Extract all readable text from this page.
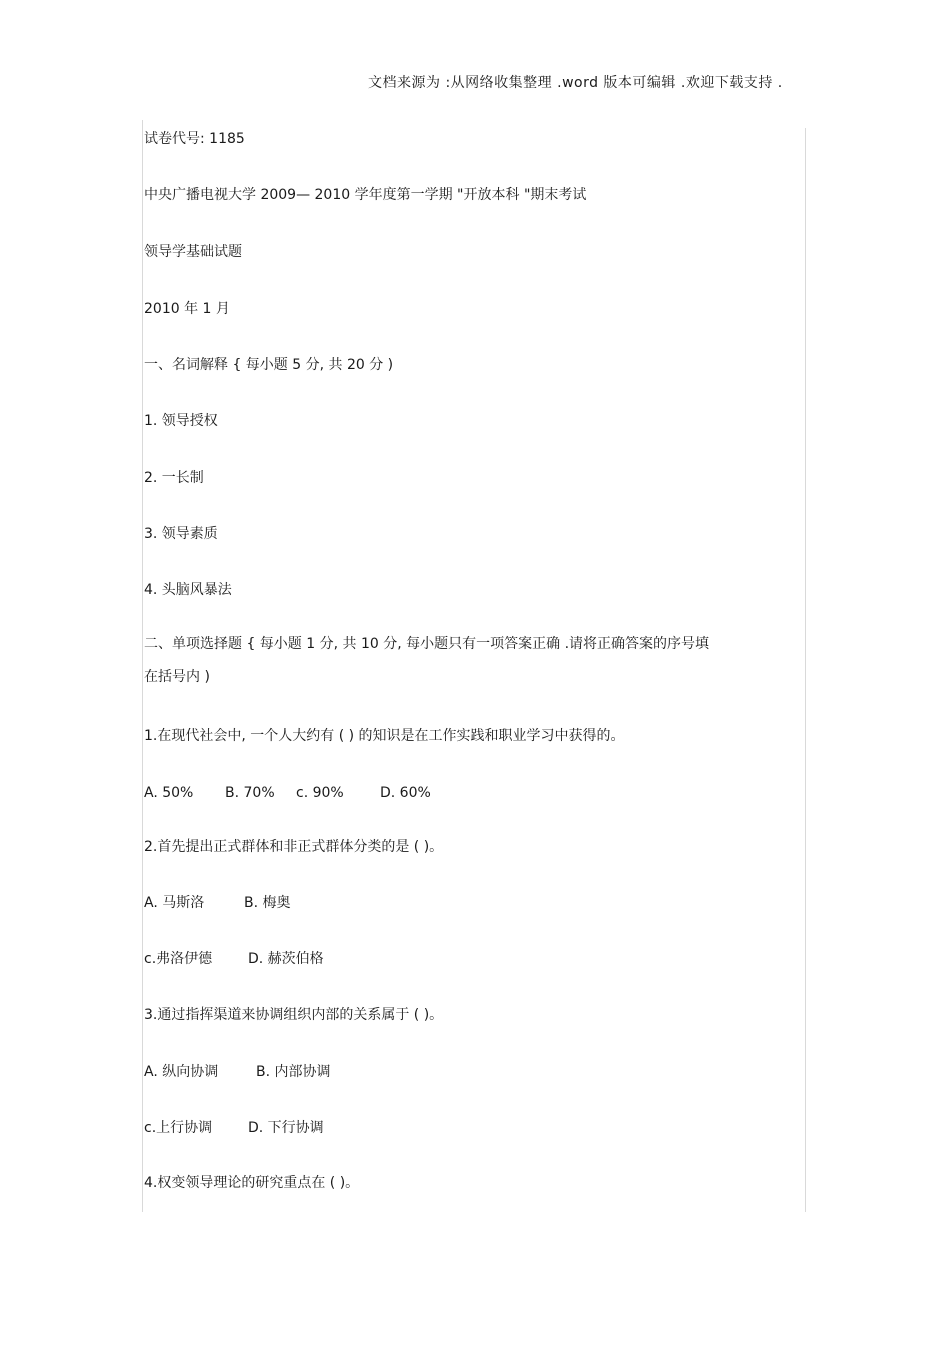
文档来源为 :从网络收集整理 .word 版本可编辑 .欢迎下载支持 .
试卷代号: 1185
中央广播电视大学 2009— 2010 学年度第一学期 "开放本科 "期末考试
领导学基础试题
2010 年 1 月
一、名词解释 { 每小题 5 分, 共 20 分 )
1. 领导授权
2. 一长制
3. 领导素质
4. 头脑风暴法
二、单项选择题 { 每小题 1 分, 共 10 分, 每小题只有一项答案正确 .请将正确答案的序号填
在括号内 )
1.在现代社会中, 一个人大约有 ( ) 的知识是在工作实践和职业学习中获得的。
A. 50% B. 70% c. 90%	D. 60%
2.首先提出正式群体和非正式群体分类的是 ( )。
A. 马斯洛	B. 梅奥
c.弗洛伊德	D. 赫茨伯格
3.通过指挥渠道来协调组织内部的关系属于 ( )。
A. 纵向协调	B. 内部协调
c.上行协调	D. 下行协调
4.权变领导理论的研究重点在 ( )。
